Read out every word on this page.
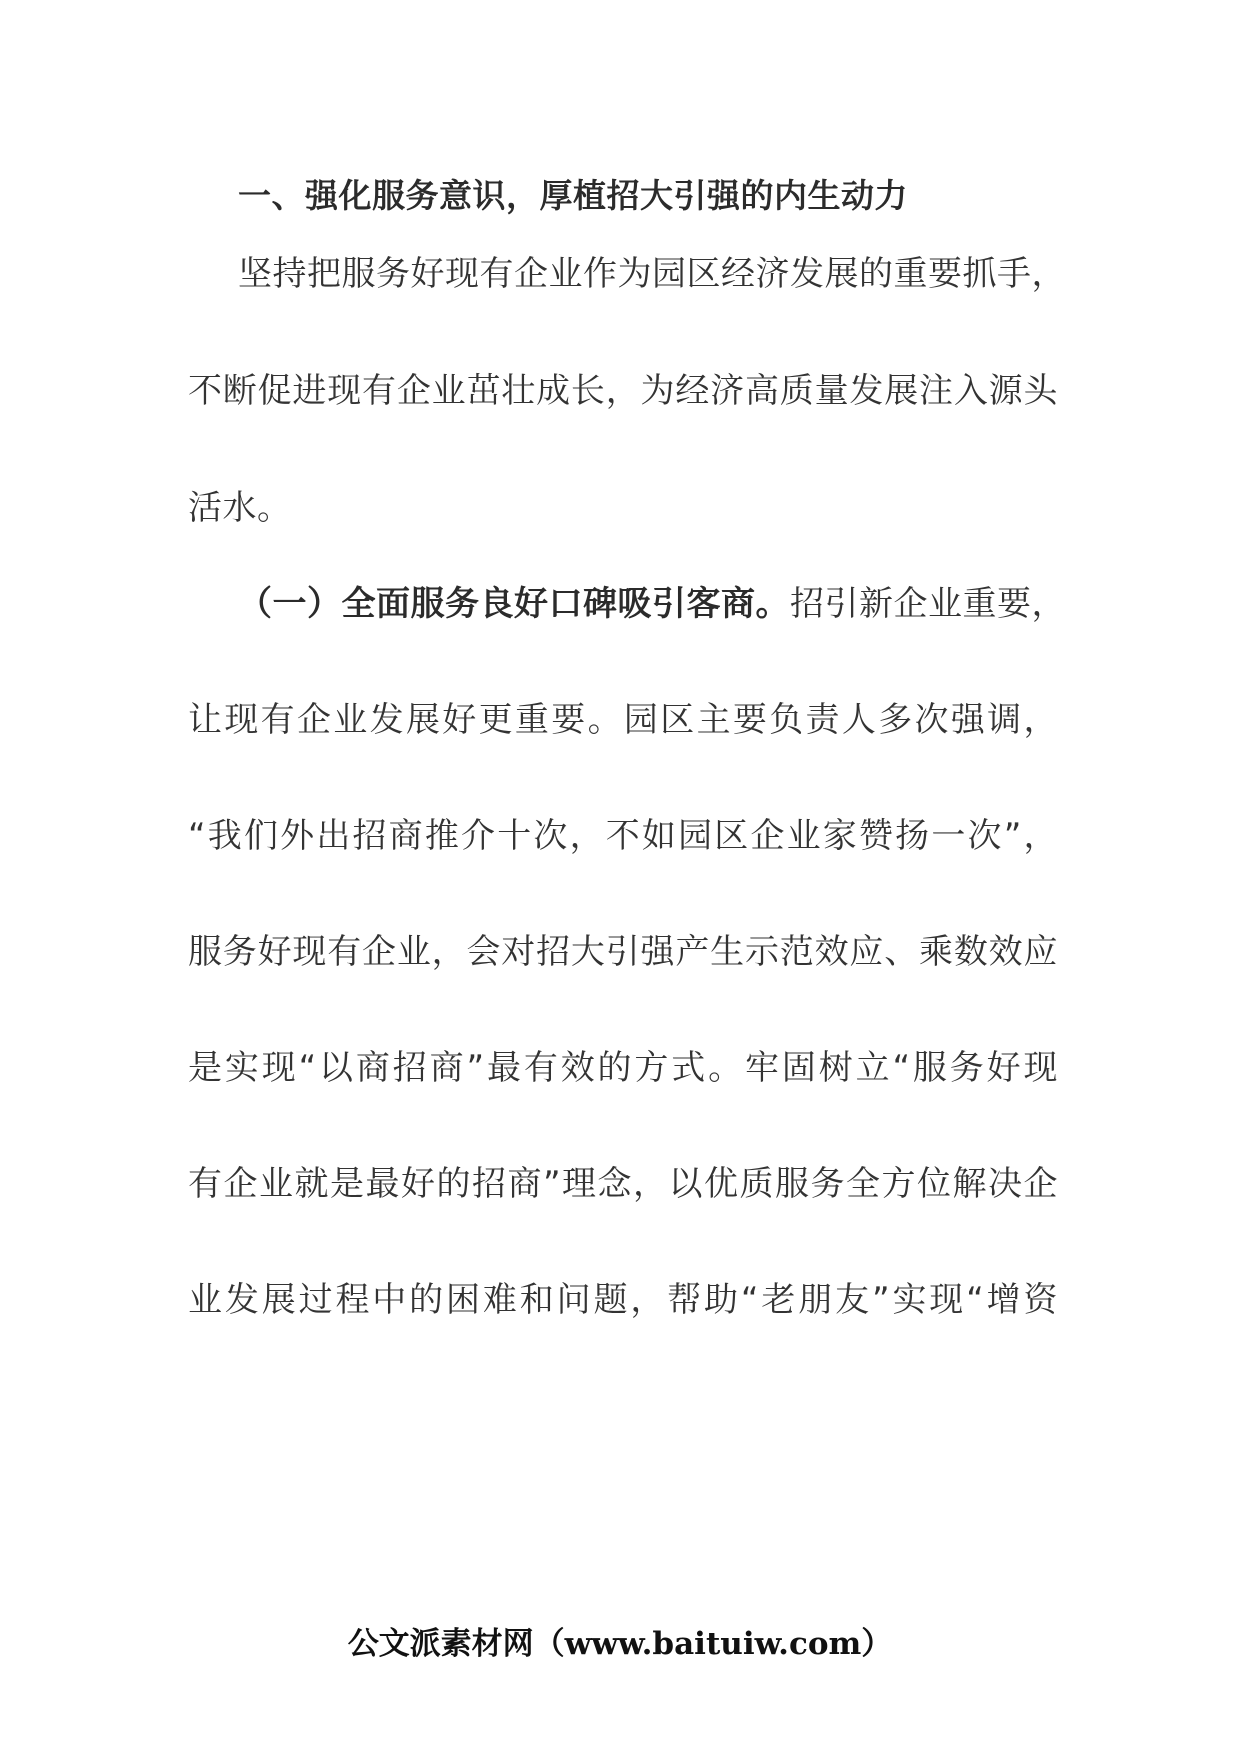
一、强化服务意识，厚植招大引强的内生动力
坚持把服务好现有企业作为园区经济发展的重要抓手，
不断促进现有企业茁壮成长，为经济高质量发展注入源头
活水。
（一）全面服务良好口碑吸引客商。招引新企业重要，
让现有企业发展好更重要。园区主要负责人多次强调，
“我们外出招商推介十次，不如园区企业家赞扬一次”，
服务好现有企业，会对招大引强产生示范效应、乘数效应
是实现“以商招商”最有效的方式。牢固树立“服务好现
有企业就是最好的招商”理念，以优质服务全方位解决企
业发展过程中的困难和问题，帮助“老朋友”实现“增资
公文派素材网（www.baituiw.com）
